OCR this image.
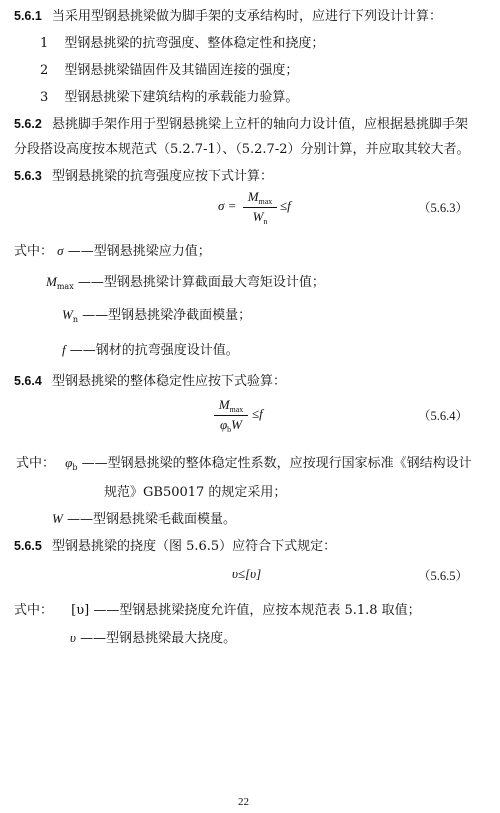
5.6.1 当采用型钢悬挑梁做为脚手架的支承结构时，应进行下列设计计算：
1 型钢悬挑梁的抗弯强度、整体稳定性和挠度；
2 型钢悬挑梁锚固件及其锚固连接的强度；
3 型钢悬挑梁下建筑结构的承载能力验算。
5.6.2 悬挑脚手架作用于型钢悬挑梁上立杆的轴向力设计值，应根据悬挑脚手架
分段搭设高度按本规范式（5.2.7-1）、（5.2.7-2）分别计算，并应取其较大者。
5.6.3 型钢悬挑梁的抗弯强度应按下式计算：
σ =
$M_{max}$
$W_n$
≤f	（5.6.3）
式中： σ ——型钢悬挑梁应力值；
$M_{max}$ ——型钢悬挑梁计算截面最大弯矩设计值；
$W_n$ ——型钢悬挑梁净截面模量；
f ——钢材的抗弯强度设计值。
5.6.4 型钢悬挑梁的整体稳定性应按下式验算：
$M_{max}$
$\varphi_bW$
≤f	（5.6.4）
式中： $\varphi_b$ ——型钢悬挑梁的整体稳定性系数，应按现行国家标准《钢结构设计
规范》GB50017 的规定采用；
W ——型钢悬挑梁毛截面模量。
5.6.5 型钢悬挑梁的挠度（图 5.6.5）应符合下式规定：
υ≤[υ]	（5.6.5）
式中： [υ] ——型钢悬挑梁挠度允许值，应按本规范表 5.1.8 取值；
υ ——型钢悬挑梁最大挠度。
22
